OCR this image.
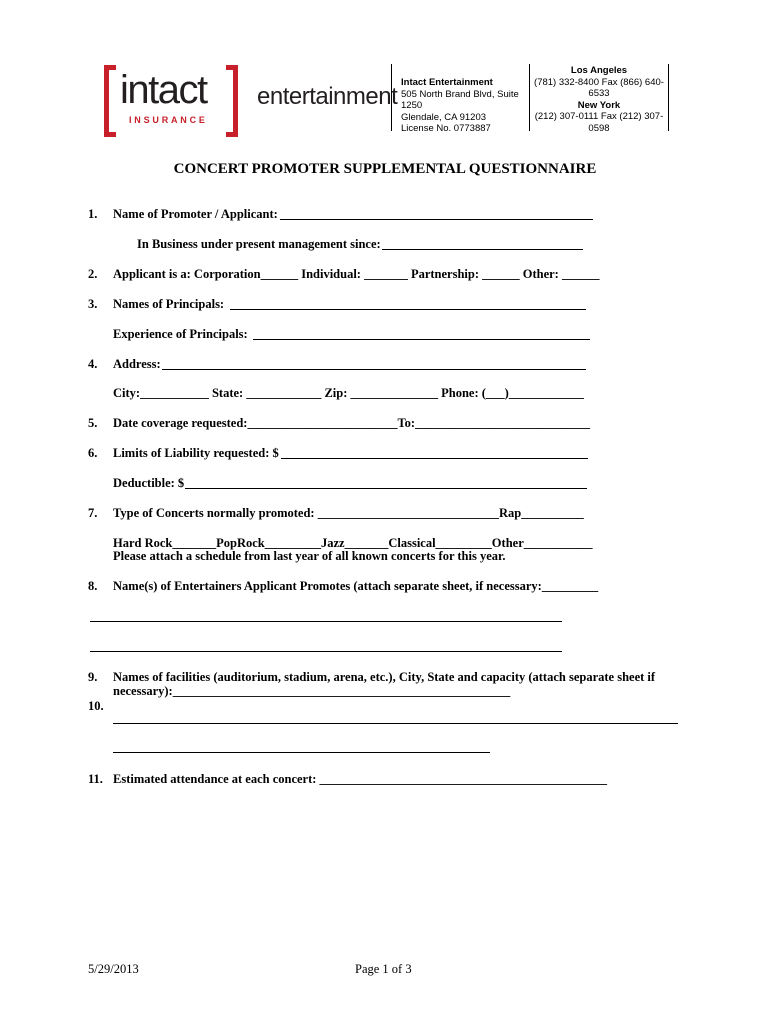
intact
INSURANCE
entertainment
Intact Entertainment
505 North Brand Blvd, Suite
1250
Glendale, CA 91203
License No. 0773887
Los Angeles
(781) 332-8400 Fax (866) 640-
6533
New York
(212) 307-0111 Fax (212) 307-
0598
CONCERT PROMOTER SUPPLEMENTAL QUESTIONNAIRE
1. Name of Promoter / Applicant:
In Business under present management since:
2. Applicant is a: Corporation______ Individual: _______ Partnership: ______ Other: ______
3. Names of Principals:
Experience of Principals:
4. Address:
City:___________ State: ____________ Zip: ______________ Phone: (___)____________
5. Date coverage requested:________________________To:____________________________
6. Limits of Liability requested: $
Deductible: $
7. Type of Concerts normally promoted: _____________________________Rap__________
Hard Rock_______PopRock_________Jazz_______Classical_________Other___________
Please attach a schedule from last year of all known concerts for this year.
8. Name(s) of Entertainers Applicant Promotes (attach separate sheet, if necessary:_________
9. Names of facilities (auditorium, stadium, arena, etc.), City, State and capacity (attach separate sheet if
necessary):______________________________________________________
10.
11. Estimated attendance at each concert: ______________________________________________
5/29/2013	Page 1 of 3
